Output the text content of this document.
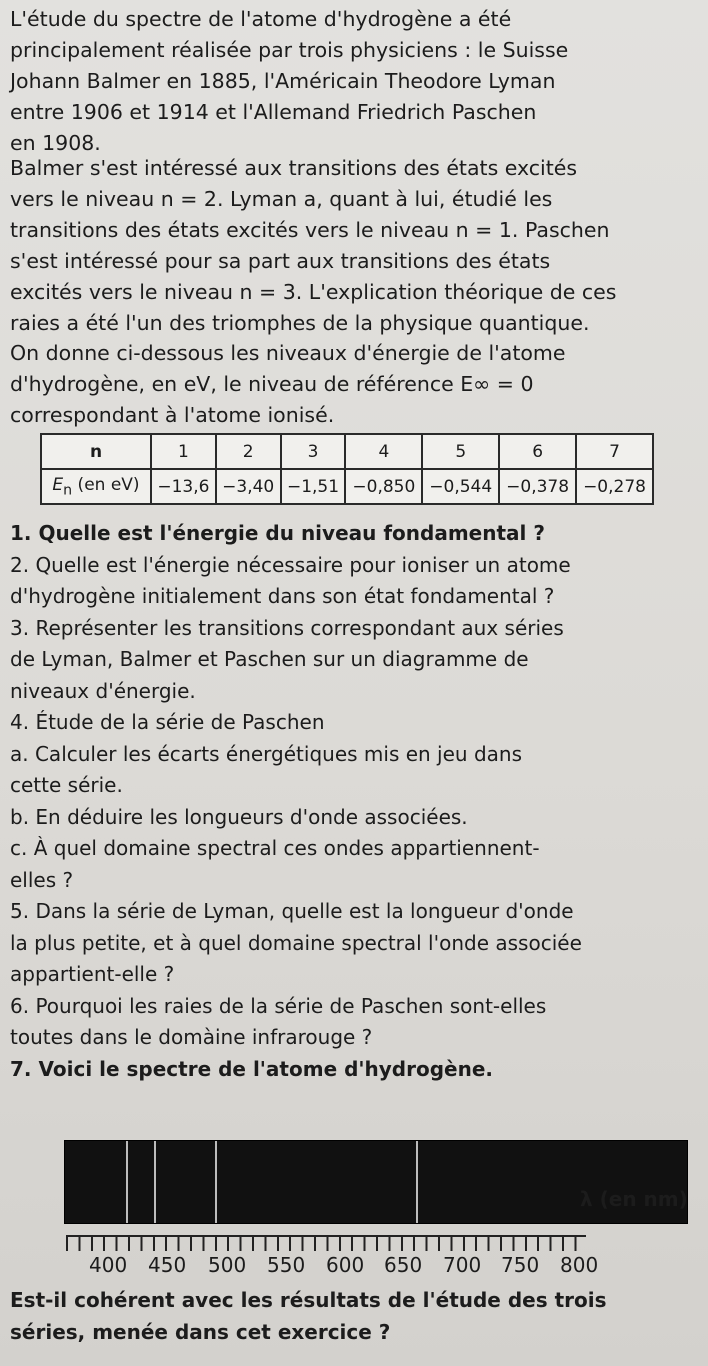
L'étude du spectre de l'atome d'hydrogène a été
principalement réalisée par trois physiciens : le Suisse
Johann Balmer en 1885, l'Américain Theodore Lyman
entre 1906 et 1914 et l'Allemand Friedrich Paschen
en 1908.
Balmer s'est intéressé aux transitions des états excités
vers le niveau n = 2. Lyman a, quant à lui, étudié les
transitions des états excités vers le niveau n = 1. Paschen
s'est intéressé pour sa part aux transitions des états
excités vers le niveau n = 3. L'explication théorique de ces
raies a été l'un des triomphes de la physique quantique.
On donne ci-dessous les niveaux d'énergie de l'atome
d'hydrogène, en eV, le niveau de référence E∞ = 0
correspondant à l'atome ionisé.
n	1	2	3	4	5	6	7
$E_n$ (en eV)	−13,6	−3,40	−1,51	−0,850	−0,544	−0,378	−0,278
1. Quelle est l'énergie du niveau fondamental ?
2. Quelle est l'énergie nécessaire pour ioniser un atome
d'hydrogène initialement dans son état fondamental ?
3. Représenter les transitions correspondant aux séries
de Lyman, Balmer et Paschen sur un diagramme de
niveaux d'énergie.
4. Étude de la série de Paschen
a. Calculer les écarts énergétiques mis en jeu dans
cette série.
b. En déduire les longueurs d'onde associées.
c. À quel domaine spectral ces ondes appartiennent-
elles ?
5. Dans la série de Lyman, quelle est la longueur d'onde
la plus petite, et à quel domaine spectral l'onde associée
appartient-elle ?
6. Pourquoi les raies de la série de Paschen sont-elles
toutes dans le domàine infrarouge ?
7. Voici le spectre de l'atome d'hydrogène.
λ (en nm)
400 450 500 550 600 650 700 750 800
Est-il cohérent avec les résultats de l'étude des trois
séries, menée dans cet exercice ?
